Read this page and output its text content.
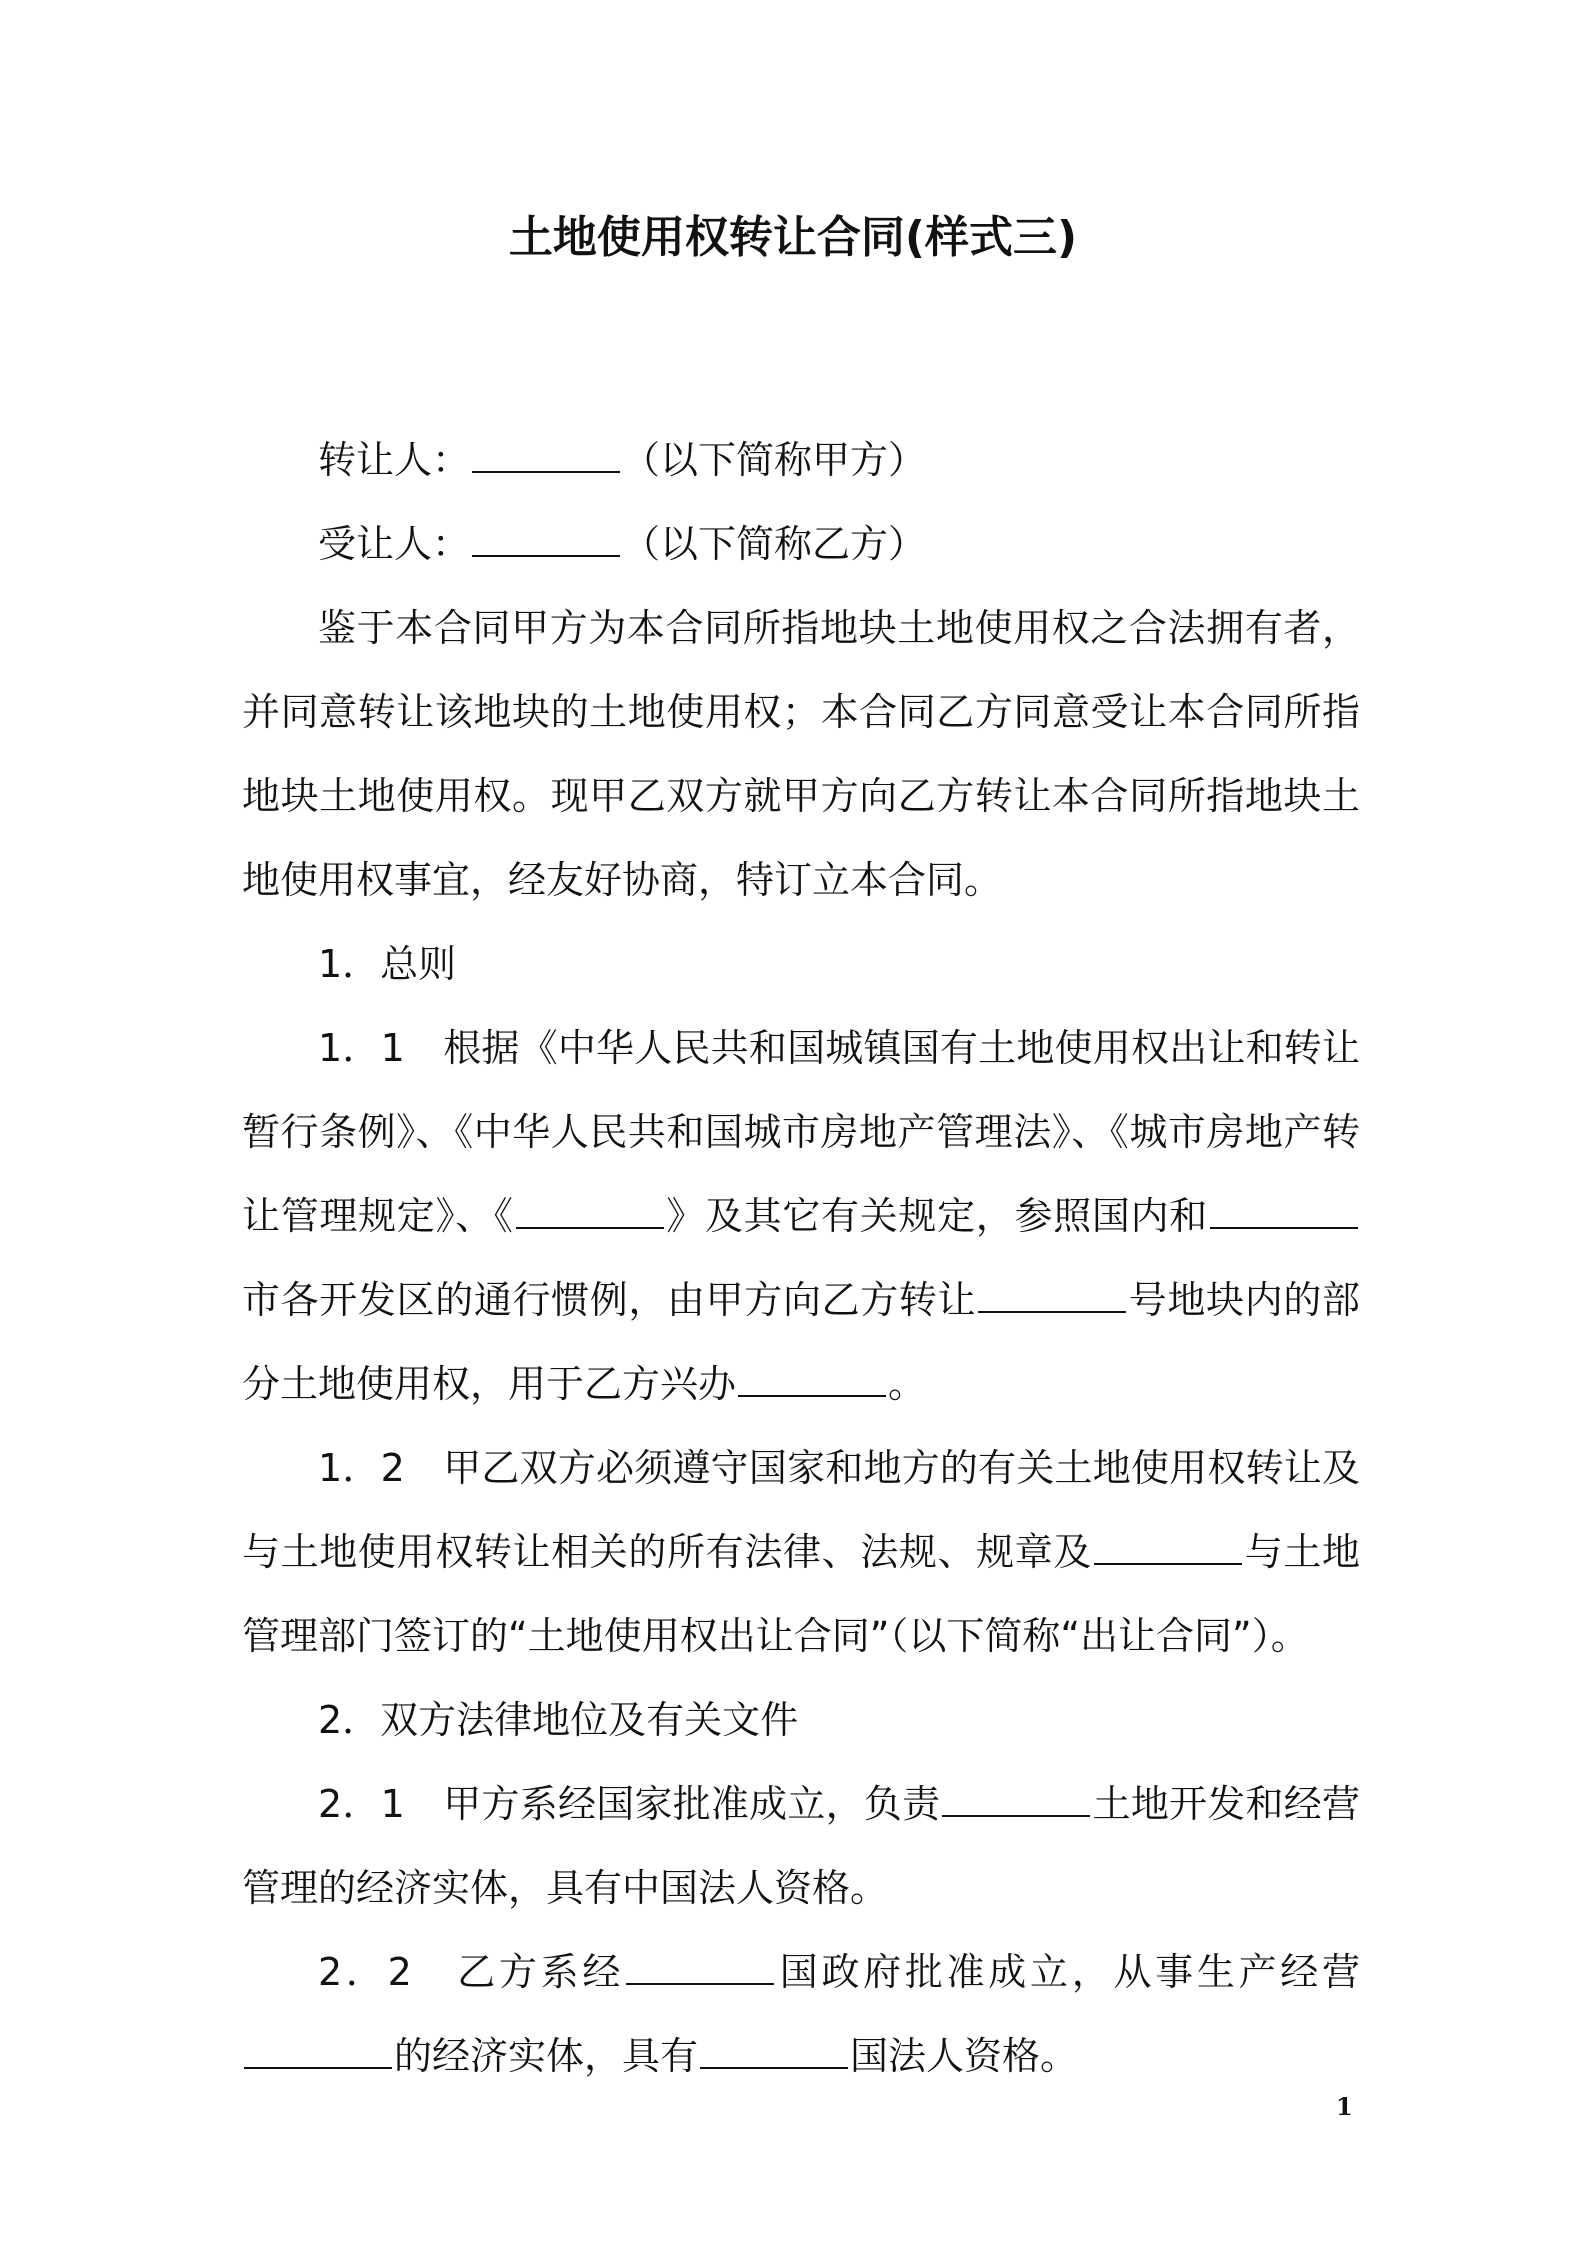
土地使用权转让合同(样式三)

转让人：	（以下简称甲方）

受让人：	（以下简称乙方）

鉴于本合同甲方为本合同所指地块土地使用权之合法拥有者，并同意转让该地块的土地使用权；本合同乙方同意受让本合同所指地块土地使用权。现甲乙双方就甲方向乙方转让本合同所指地块土地使用权事宜，经友好协商，特订立本合同。

1．总则

1．1　根据《中华人民共和国城镇国有土地使用权出让和转让暂行条例》、《中华人民共和国城市房地产管理法》、《城市房地产转让管理规定》、《	》及其它有关规定，参照国内和市各开发区的通行惯例，由甲方向乙方转让	号地块内的部分土地使用权，用于乙方兴办	。

1．2　甲乙双方必须遵守国家和地方的有关土地使用权转让及与土地使用权转让相关的所有法律、法规、规章及	与土地管理部门签订的“土地使用权出让合同”（以下简称“出让合同”）。

2．双方法律地位及有关文件

2．1　甲方系经国家批准成立，负责	土地开发和经营管理的经济实体，具有中国法人资格。

2．2　乙方系经	国政府批准成立，从事生产经营的经济实体，具有	国法人资格。

1
